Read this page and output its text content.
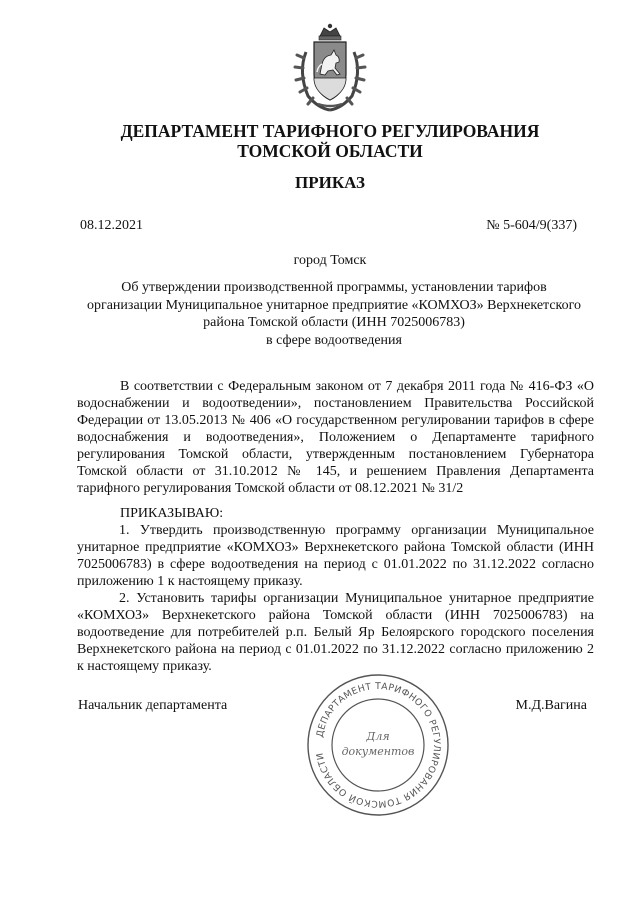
ДЕПАРТАМЕНТ ТАРИФНОГО РЕГУЛИРОВАНИЯ
ТОМСКОЙ ОБЛАСТИ
ПРИКАЗ
08.12.2021	№ 5-604/9(337)
город Томск
Об утверждении производственной программы, установлении тарифов
организации Муниципальное унитарное предприятие «КОМХОЗ» Верхнекетского
района Томской области (ИНН 7025006783)
в сфере водоотведения

В соответствии с Федеральным законом от 7 декабря 2011 года № 416-ФЗ «О водоснабжении и водоотведении», постановлением Правительства Российской Федерации от 13.05.2013 № 406 «О государственном регулировании тарифов в сфере водоснабжения и водоотведения», Положением о Департаменте тарифного регулирования Томской области, утвержденным постановлением Губернатора Томской области от 31.10.2012 № 145, и решением Правления Департамента тарифного регулирования Томской области от 08.12.2021 № 31/2

ПРИКАЗЫВАЮ:

1. Утвердить производственную программу организации Муниципальное унитарное предприятие «КОМХОЗ» Верхнекетского района Томской области (ИНН 7025006783) в сфере водоотведения на период с 01.01.2022 по 31.12.2022 согласно приложению 1 к настоящему приказу.

2. Установить тарифы организации Муниципальное унитарное предприятие «КОМХОЗ» Верхнекетского района Томской области (ИНН 7025006783) на водоотведение для потребителей р.п. Белый Яр Белоярского городского поселения Верхнекетского района на период с 01.01.2022 по 31.12.2022 согласно приложению 2 к настоящему приказу.

Начальник департамента	М.Д.Вагина
ДЕПАРТАМЕНТ ТАРИФНОГО РЕГУЛИРОВАНИЯ ТОМСКОЙ ОБЛАСТИ
Для
документов
